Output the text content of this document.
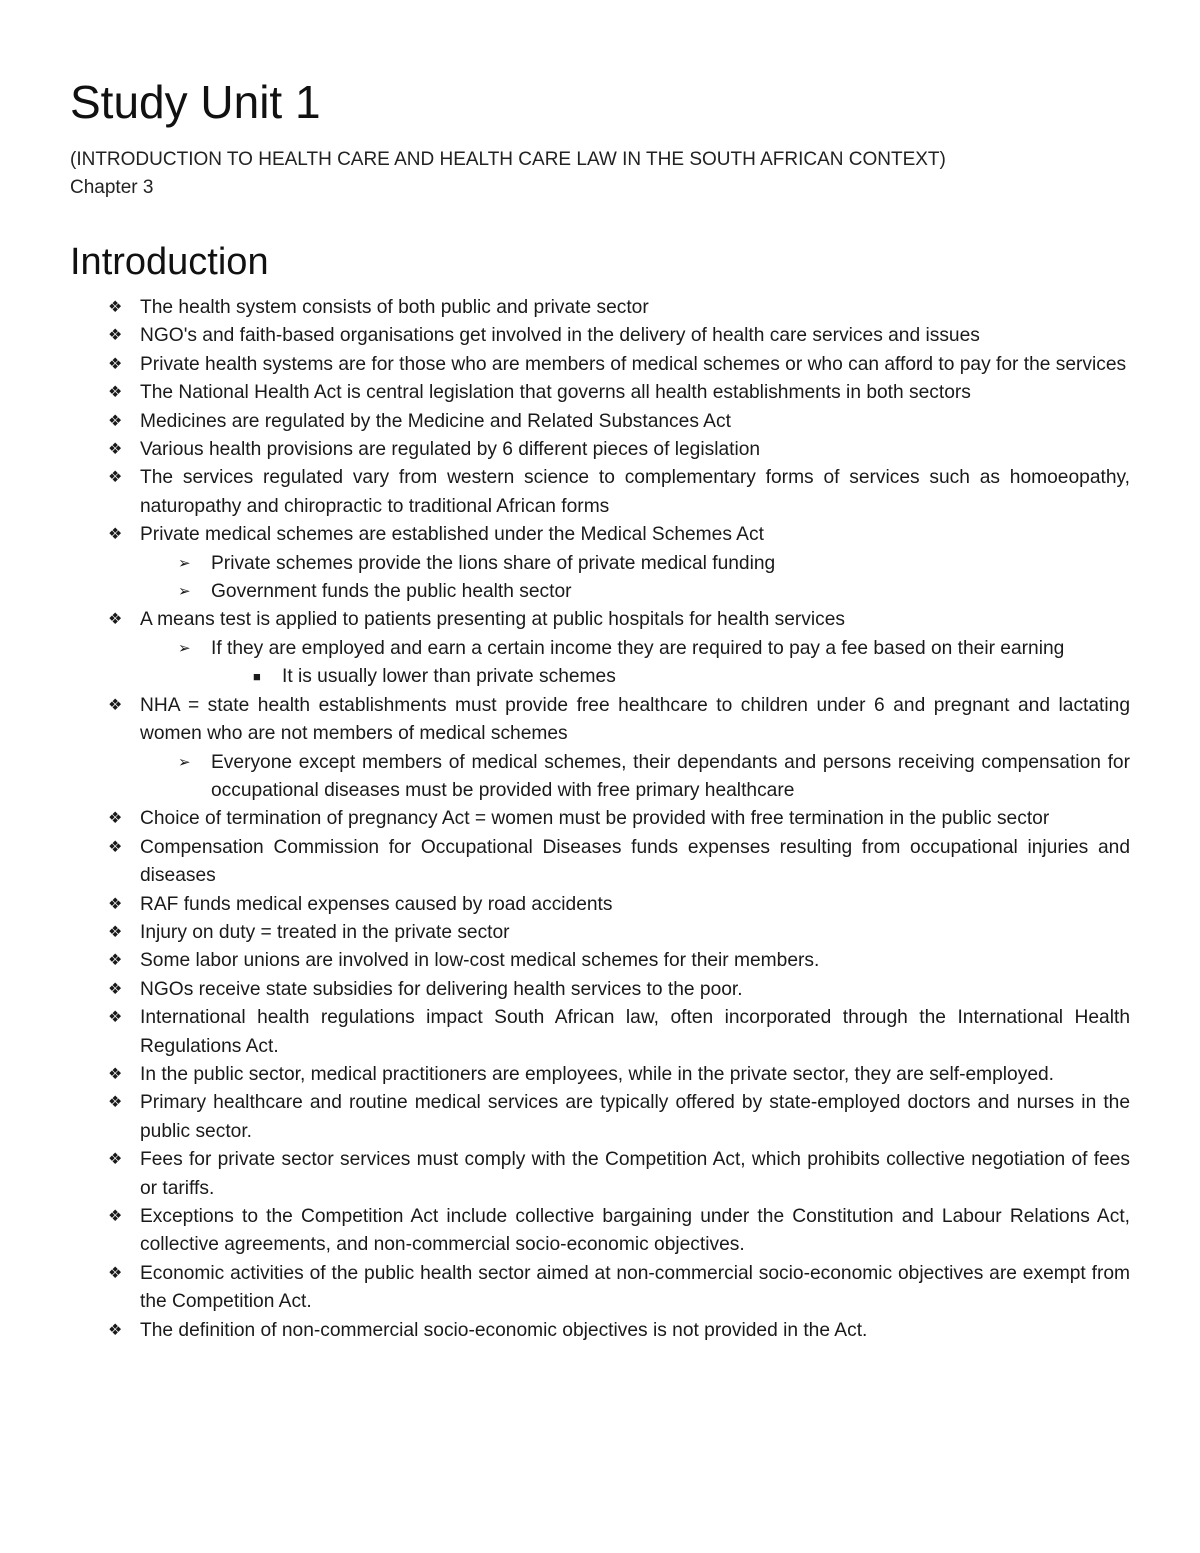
Study Unit 1
(INTRODUCTION TO HEALTH CARE AND HEALTH CARE LAW IN THE SOUTH AFRICAN CONTEXT)
Chapter 3
Introduction
❖ The health system consists of both public and private sector
❖ NGO's and faith-based organisations get involved in the delivery of health care services and issues
❖ Private health systems are for those who are members of medical schemes or who can afford to pay for the services
❖ The National Health Act is central legislation that governs all health establishments in both sectors
❖ Medicines are regulated by the Medicine and Related Substances Act
❖ Various health provisions are regulated by 6 different pieces of legislation
❖ The services regulated vary from western science to complementary forms of services such as homoeopathy, naturopathy and chiropractic to traditional African forms
❖ Private medical schemes are established under the Medical Schemes Act
➢ Private schemes provide the lions share of private medical funding
➢ Government funds the public health sector
❖ A means test is applied to patients presenting at public hospitals for health services
➢ If they are employed and earn a certain income they are required to pay a fee based on their earning
■ It is usually lower than private schemes
❖ NHA = state health establishments must provide free healthcare to children under 6 and pregnant and lactating women who are not members of medical schemes
➢ Everyone except members of medical schemes, their dependants and persons receiving compensation for occupational diseases must be provided with free primary healthcare
❖ Choice of termination of pregnancy Act = women must be provided with free termination in the public sector
❖ Compensation Commission for Occupational Diseases funds expenses resulting from occupational injuries and diseases
❖ RAF funds medical expenses caused by road accidents
❖ Injury on duty = treated in the private sector
❖ Some labor unions are involved in low-cost medical schemes for their members.
❖ NGOs receive state subsidies for delivering health services to the poor.
❖ International health regulations impact South African law, often incorporated through the International Health Regulations Act.
❖ In the public sector, medical practitioners are employees, while in the private sector, they are self-employed.
❖ Primary healthcare and routine medical services are typically offered by state-employed doctors and nurses in the public sector.
❖ Fees for private sector services must comply with the Competition Act, which prohibits collective negotiation of fees or tariffs.
❖ Exceptions to the Competition Act include collective bargaining under the Constitution and Labour Relations Act, collective agreements, and non-commercial socio-economic objectives.
❖ Economic activities of the public health sector aimed at non-commercial socio-economic objectives are exempt from the Competition Act.
❖ The definition of non-commercial socio-economic objectives is not provided in the Act.
